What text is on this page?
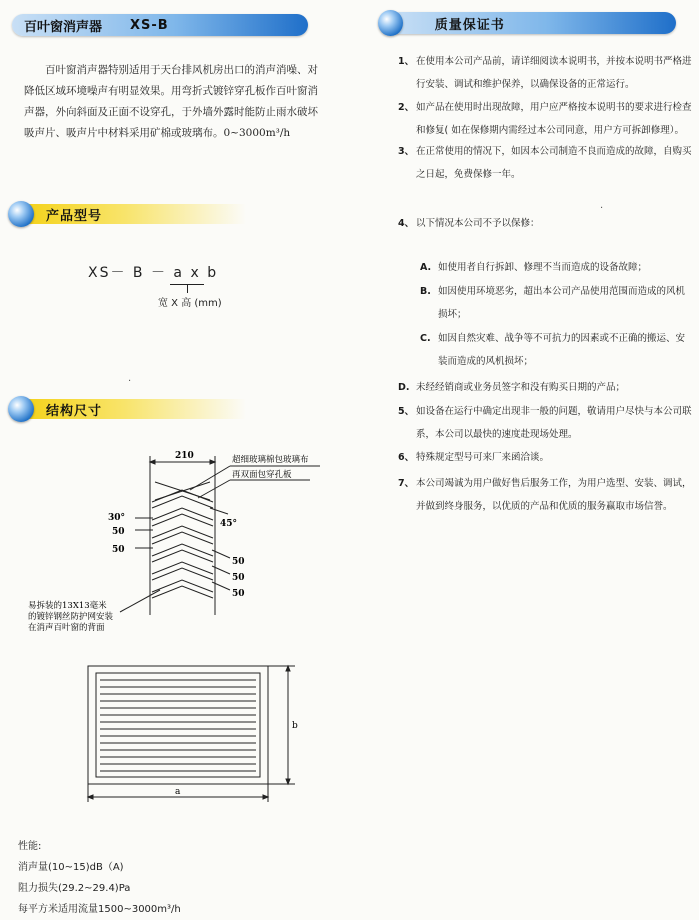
百叶窗消声器 XS-B
百叶窗消声器特别适用于天台排风机房出口的消声消噪、对降低区域环境噪声有明显效果。用弯折式镀锌穿孔板作百叶窗消声器，外向斜面及正面不设穿孔，于外墙外露时能防止雨水破坏吸声片、吸声片中材料采用矿棉或玻璃布。0~3000m³/h
产品型号
XS－ B － a x b
宽 X 高 (mm)
结构尺寸
210	超细玻璃棉包玻璃布
再双面包穿孔板
30°
45°
50
50
50
50
50
易拆装的13X13毫米
的镀锌钢丝防护网安装
在消声百叶窗的背面
a
b
性能:
消声量(10~15)dB（A)
阻力损失(29.2~29.4)Pa
每平方米适用流量1500~3000m³/h
质量保证书
1、 在使用本公司产品前，请详细阅读本说明书，并按本说明书严格进行安装、调试和维护保养，以确保设备的正常运行。
2、 如产品在使用时出现故障，用户应严格按本说明书的要求进行检查和修复( 如在保修期内需经过本公司同意，用户方可拆卸修理）。
3、 在正常使用的情况下，如因本公司制造不良而造成的故障，自购买之日起，免费保修一年。
4、 以下情况本公司不予以保修：
A. 如使用者自行拆卸、修理不当而造成的设备故障；
B. 如因使用环境恶劣，超出本公司产品使用范围而造成的风机损坏；
C. 如因自然灾难、战争等不可抗力的因素或不正确的搬运、安装而造成的风机损坏；
D. 未经经销商或业务员签字和没有购买日期的产品；
5、 如设备在运行中确定出现非一般的问题，敬请用户尽快与本公司联系，本公司以最快的速度赴现场处理。
6、 特殊规定型号可来厂来函洽谈。
7、 本公司竭诚为用户做好售后服务工作，为用户选型、安装、调试，并做到终身服务，以优质的产品和优质的服务赢取市场信誉。
·
·
